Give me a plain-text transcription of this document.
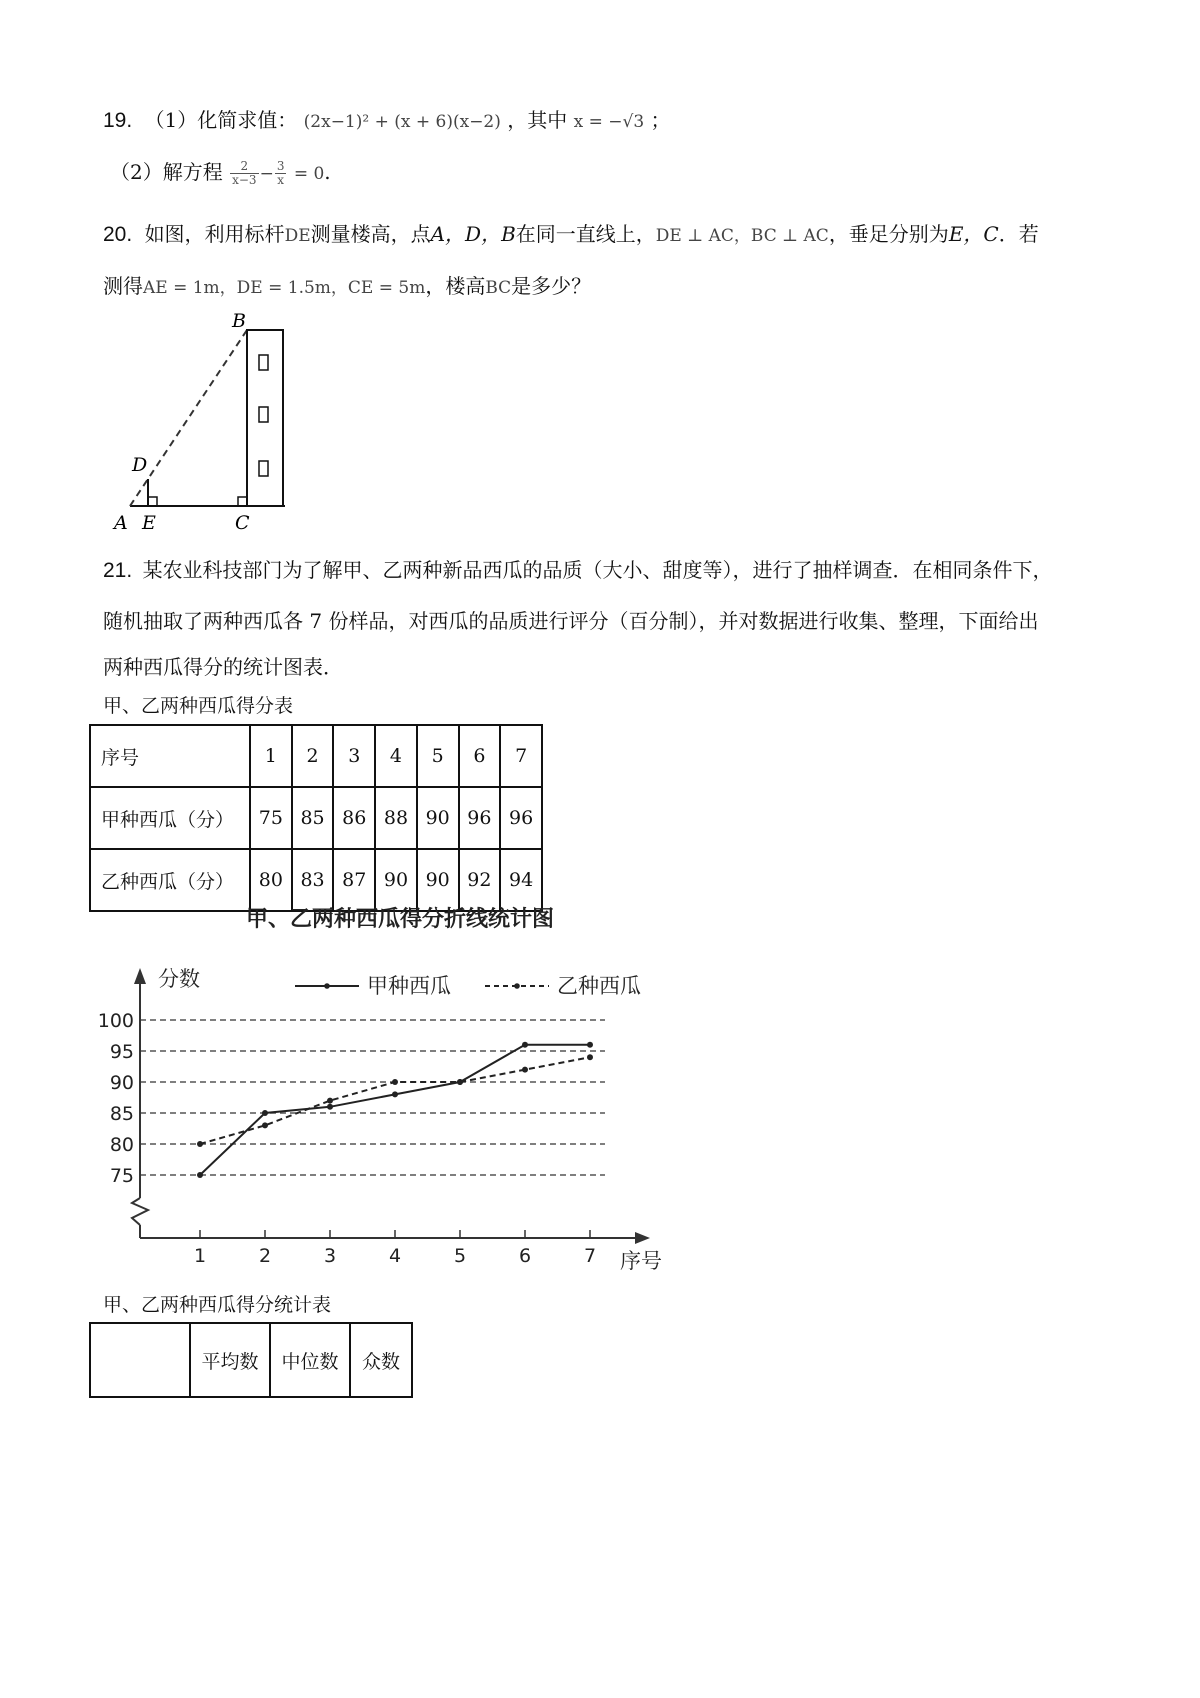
19. （1）化简求值： (2x−1)² + (x + 6)(x−2) ，其中 x = −√3 ；
（2）解方程 $\frac{2}{x-3} - \frac{3}{x} = 0$.
20. 如图，利用标杆DE测量楼高，点A，D，B在同一直线上，DE ⊥ AC，BC ⊥ AC，垂足分别为E，C．若
测得AE = 1m，DE = 1.5m，CE = 5m，楼高BC是多少？
B
D
A E	C
21. 某农业科技部门为了解甲、乙两种新品西瓜的品质（大小、甜度等），进行了抽样调查．在相同条件下，
随机抽取了两种西瓜各 7 份样品，对西瓜的品质进行评分（百分制），并对数据进行收集、整理，下面给出
两种西瓜得分的统计图表．
甲、乙两种西瓜得分表
序号	1	2	3	4	5	6	7
甲种西瓜（分）	75	85	86	88	90	96	96
乙种西瓜（分）	80	83	87	90	90	92	94
甲、乙两种西瓜得分折线统计图
75
80
85
90
95
100
分数
序号
1	2	3	4	5	6	7
甲种西瓜	乙种西瓜
甲、乙两种西瓜得分统计表
	平均数	中位数	众数
